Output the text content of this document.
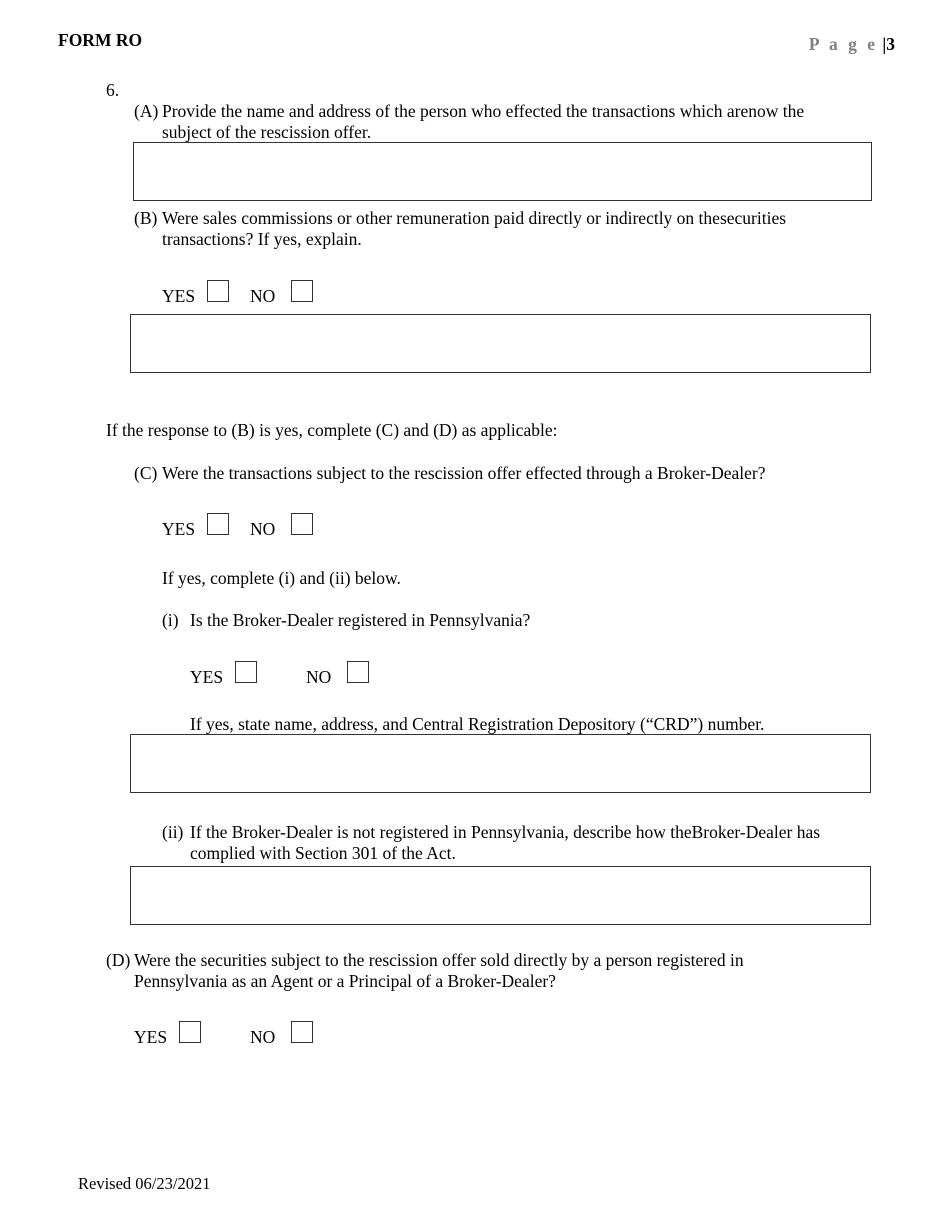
FORM RO	P a g e |3
6.
(A) Provide the name and address of the person who effected the transactions which arenow the subject of the rescission offer.
(B) Were sales commissions or other remuneration paid directly or indirectly on thesecurities transactions? If yes, explain.
YES	NO
If the response to (B) is yes, complete (C) and (D) as applicable:
(C) Were the transactions subject to the rescission offer effected through a Broker-Dealer?
YES	NO
If yes, complete (i) and (ii) below.
(i) Is the Broker-Dealer registered in Pennsylvania?
YES	NO
If yes, state name, address, and Central Registration Depository (“CRD”) number.
(ii) If the Broker-Dealer is not registered in Pennsylvania, describe how theBroker-Dealer has complied with Section 301 of the Act.
(D) Were the securities subject to the rescission offer sold directly by a person registered in Pennsylvania as an Agent or a Principal of a Broker-Dealer?
YES	NO
Revised 06/23/2021
